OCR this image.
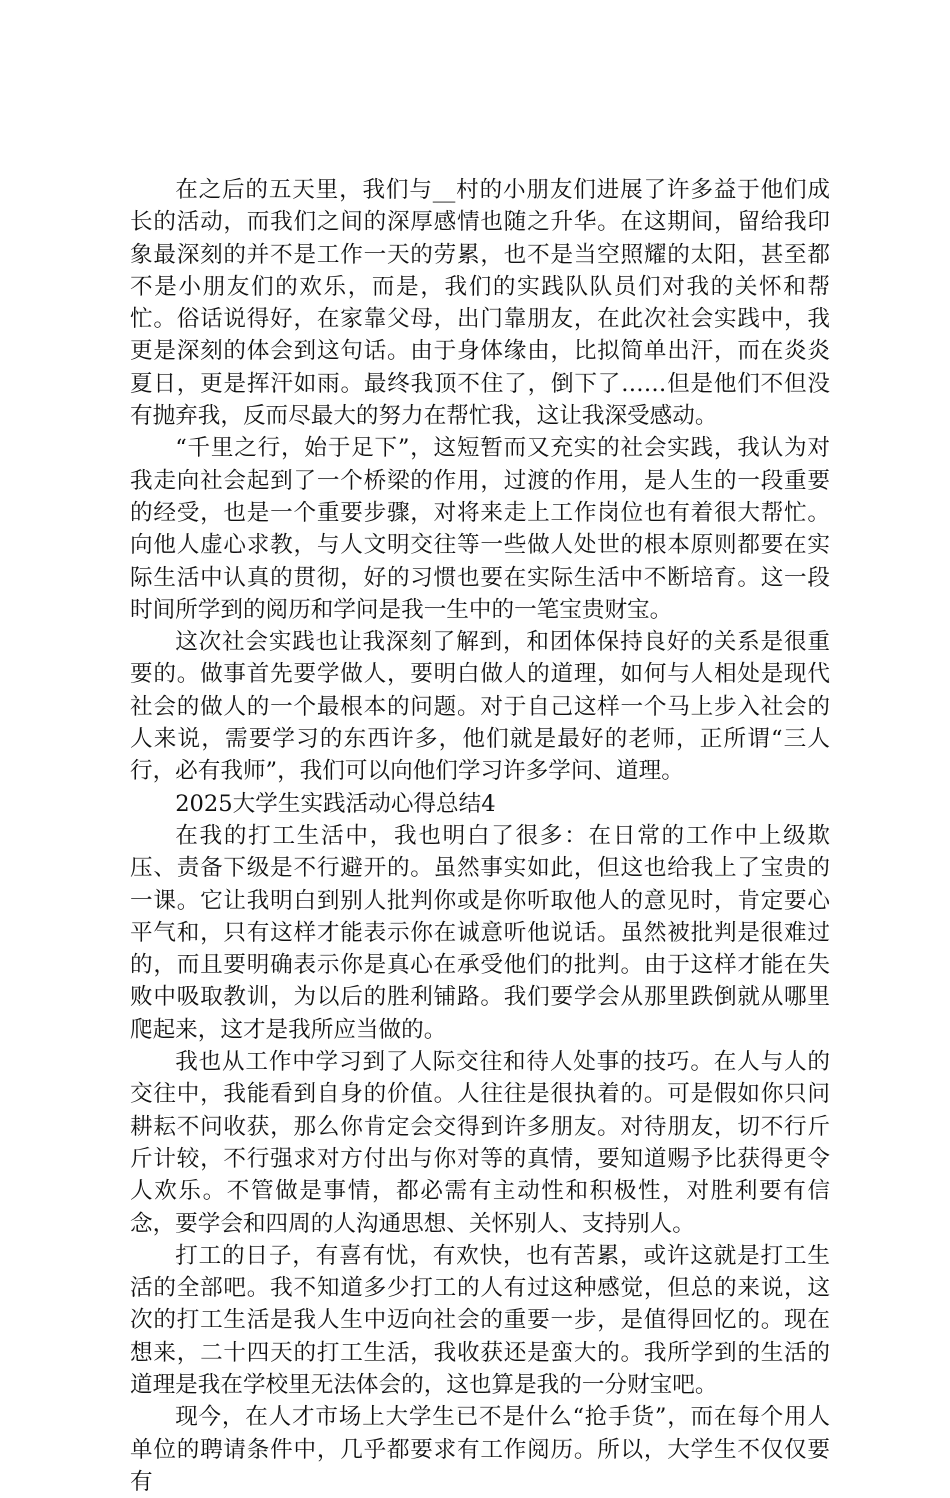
在之后的五天里，我们与__村的小朋友们进展了许多益于他们成长的活动，而我们之间的深厚感情也随之升华。在这期间，留给我印象最深刻的并不是工作一天的劳累，也不是当空照耀的太阳，甚至都不是小朋友们的欢乐，而是，我们的实践队队员们对我的关怀和帮忙。俗话说得好，在家靠父母，出门靠朋友，在此次社会实践中，我更是深刻的体会到这句话。由于身体缘由，比拟简单出汗，而在炎炎夏日，更是挥汗如雨。最终我顶不住了，倒下了……但是他们不但没有抛弃我，反而尽最大的努力在帮忙我，这让我深受感动。

“千里之行，始于足下”，这短暂而又充实的社会实践，我认为对我走向社会起到了一个桥梁的作用，过渡的作用，是人生的一段重要的经受，也是一个重要步骤，对将来走上工作岗位也有着很大帮忙。向他人虚心求教，与人文明交往等一些做人处世的根本原则都要在实际生活中认真的贯彻，好的习惯也要在实际生活中不断培育。这一段时间所学到的阅历和学问是我一生中的一笔宝贵财宝。

这次社会实践也让我深刻了解到，和团体保持良好的关系是很重要的。做事首先要学做人，要明白做人的道理，如何与人相处是现代社会的做人的一个最根本的问题。对于自己这样一个马上步入社会的人来说，需要学习的东西许多，他们就是最好的老师，正所谓“三人行，必有我师”，我们可以向他们学习许多学问、道理。

2025大学生实践活动心得总结4

在我的打工生活中，我也明白了很多：在日常的工作中上级欺压、责备下级是不行避开的。虽然事实如此，但这也给我上了宝贵的一课。它让我明白到别人批判你或是你听取他人的意见时，肯定要心平气和，只有这样才能表示你在诚意听他说话。虽然被批判是很难过的，而且要明确表示你是真心在承受他们的批判。由于这样才能在失败中吸取教训，为以后的胜利铺路。我们要学会从那里跌倒就从哪里爬起来，这才是我所应当做的。

我也从工作中学习到了人际交往和待人处事的技巧。在人与人的交往中，我能看到自身的价值。人往往是很执着的。可是假如你只问耕耘不问收获，那么你肯定会交得到许多朋友。对待朋友，切不行斤斤计较，不行强求对方付出与你对等的真情，要知道赐予比获得更令人欢乐。不管做是事情，都必需有主动性和积极性，对胜利要有信念，要学会和四周的人沟通思想、关怀别人、支持别人。

打工的日子，有喜有忧，有欢快，也有苦累，或许这就是打工生活的全部吧。我不知道多少打工的人有过这种感觉，但总的来说，这次的打工生活是我人生中迈向社会的重要一步，是值得回忆的。现在想来，二十四天的打工生活，我收获还是蛮大的。我所学到的生活的道理是我在学校里无法体会的，这也算是我的一分财宝吧。

现今，在人才市场上大学生已不是什么“抢手货”，而在每个用人单位的聘请条件中，几乎都要求有工作阅历。所以，大学生不仅仅要有
